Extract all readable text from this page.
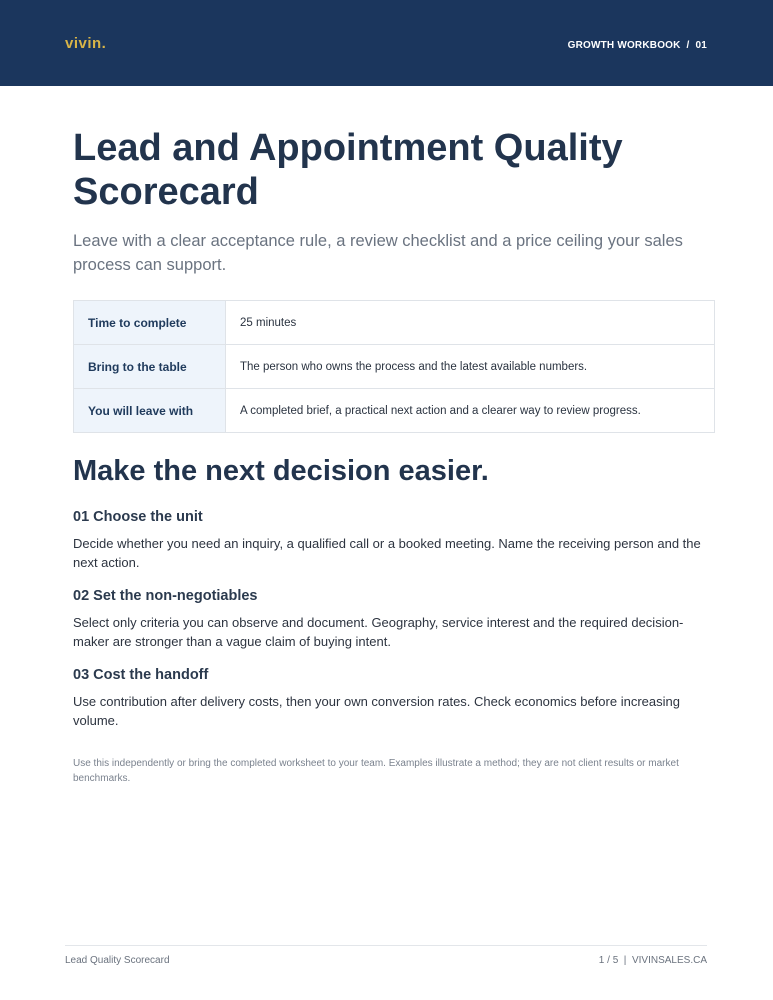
vivin.	GROWTH WORKBOOK  /  01
Lead and Appointment Quality Scorecard

Leave with a clear acceptance rule, a review checklist and a price ceiling your sales process can support.

Time to complete	25 minutes
Bring to the table	The person who owns the process and the latest available numbers.
You will leave with	A completed brief, a practical next action and a clearer way to review progress.
Make the next decision easier.
01 Choose the unit

Decide whether you need an inquiry, a qualified call or a booked meeting. Name the receiving person and the next action.

02 Set the non-negotiables

Select only criteria you can observe and document. Geography, service interest and the required decision-maker are stronger than a vague claim of buying intent.

03 Cost the handoff

Use contribution after delivery costs, then your own conversion rates. Check economics before increasing volume.

Use this independently or bring the completed worksheet to your team. Examples illustrate a method; they are not client results or market benchmarks.

Lead Quality Scorecard	1 / 5  |  VIVINSALES.CA
